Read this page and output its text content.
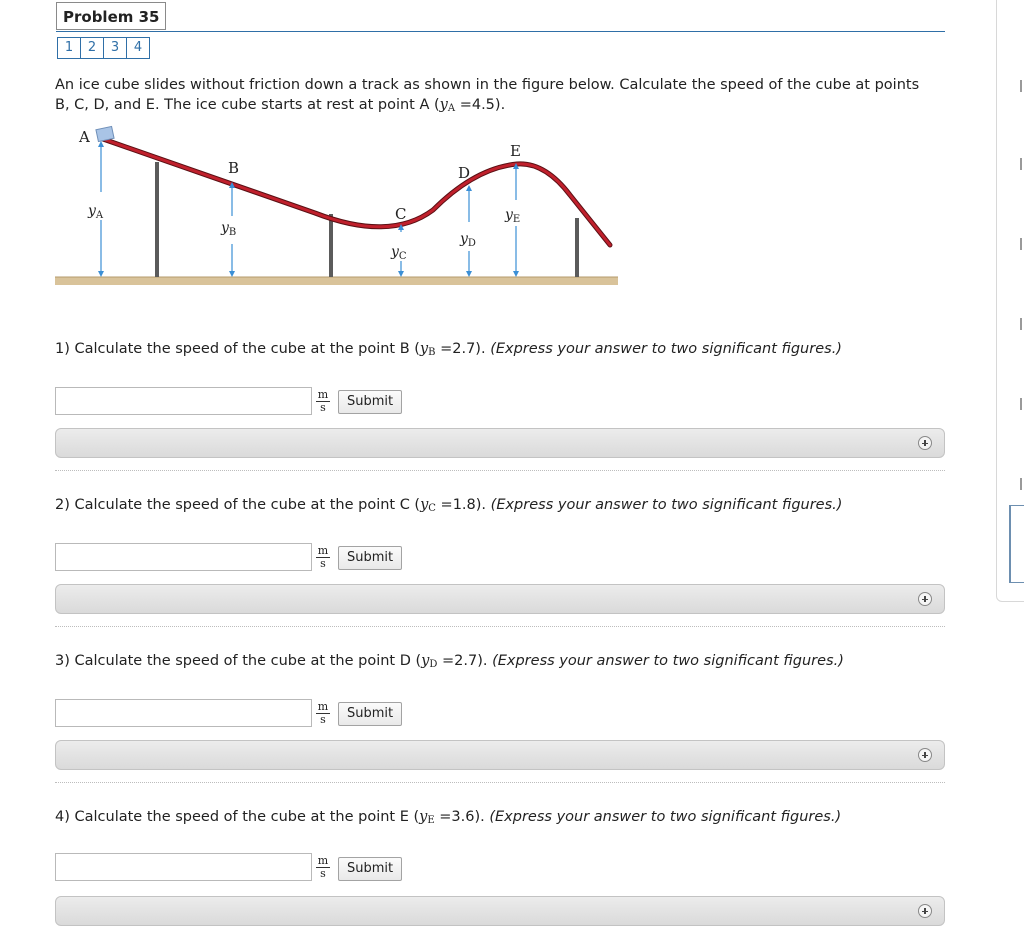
Problem 35
1	2	3	4
An ice cube slides without friction down a track as shown in the figure below. Calculate the speed of the cube at points
B, C, D, and E. The ice cube starts at rest at point A $(y_A =4.5)$.
A
B
C
D
E
$y_A$
$y_B$
$y_C$
$y_D$
$y_E$
1) Calculate the speed of the cube at the point B $(y_B =2.7)$. (Express your answer to two significant figures.)
$\frac{m}{s}$	Submit
2) Calculate the speed of the cube at the point C $(y_C =1.8)$. (Express your answer to two significant figures.)
$\frac{m}{s}$	Submit
3) Calculate the speed of the cube at the point D $(y_D =2.7)$. (Express your answer to two significant figures.)
$\frac{m}{s}$	Submit
4) Calculate the speed of the cube at the point E $(y_E =3.6)$. (Express your answer to two significant figures.)
$\frac{m}{s}$	Submit
